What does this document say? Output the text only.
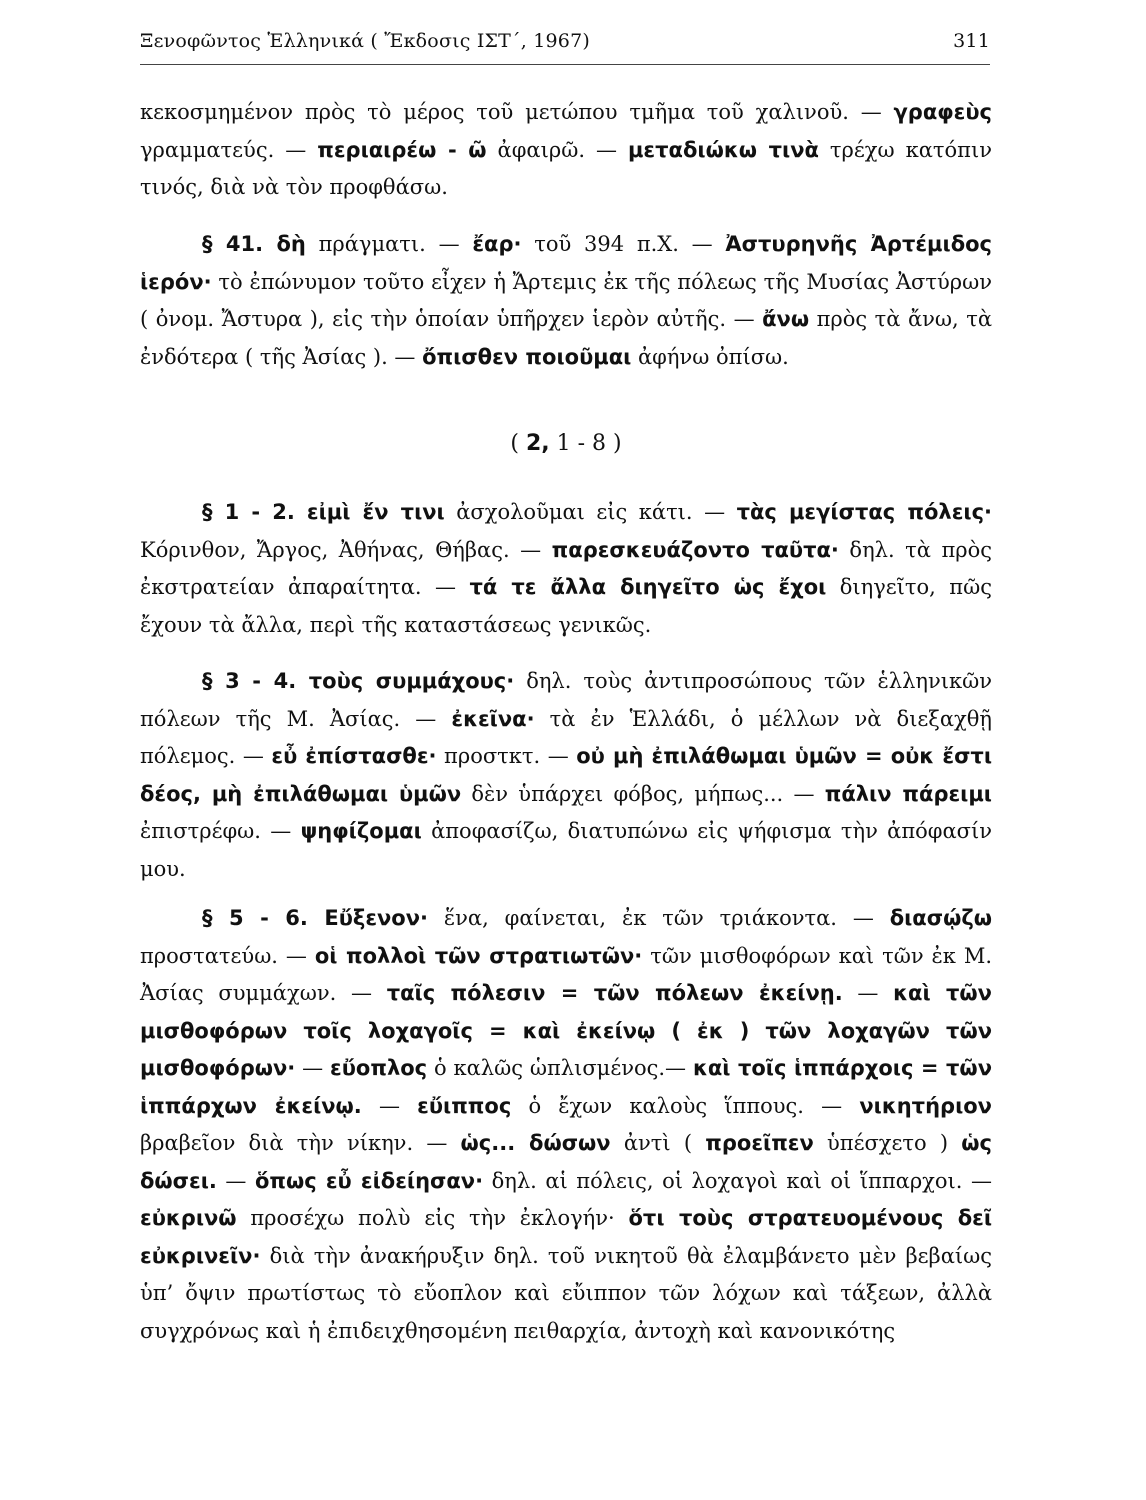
Ξενοφῶντος Ἑλληνικά ( Ἔκδοσις ΙΣΤ΄, 1967)	311

κεκοσμημένον πρὸς τὸ μέρος τοῦ μετώπου τμῆμα τοῦ χαλινοῦ. — γραφεὺς γραμματεύς. — περιαιρέω - ῶ ἀφαιρῶ. — μεταδιώκω τινὰ τρέχω κατόπιν τινός, διὰ νὰ τὸν προφθάσω.

§ 41. δὴ πράγματι. — ἔαρ· τοῦ 394 π.Χ. — Ἀστυρηνῆς Ἀρτέμιδος ἱερόν· τὸ ἐπώνυμον τοῦτο εἶχεν ἡ Ἄρτεμις ἐκ τῆς πόλεως τῆς Μυσίας Ἀστύρων ( ὀνομ. Ἄστυρα ), εἰς τὴν ὁποίαν ὑπῆρχεν ἱερὸν αὐτῆς. — ἄνω πρὸς τὰ ἄνω, τὰ ἐνδότερα ( τῆς Ἀσίας ). — ὄπισθεν ποιοῦμαι ἀφήνω ὀπίσω.

( 2, 1 - 8 )

§ 1 - 2. εἰμὶ ἔν τινι ἀσχολοῦμαι εἰς κάτι. — τὰς μεγίστας πόλεις· Κόρινθον, Ἄργος, Ἀθήνας, Θήβας. — παρεσκευάζοντο ταῦτα· δηλ. τὰ πρὸς ἐκστρατείαν ἀπαραίτητα. — τά τε ἄλλα διηγεῖτο ὡς ἔχοι διηγεῖτο, πῶς ἔχουν τὰ ἄλλα, περὶ τῆς καταστάσεως γενικῶς.

§ 3 - 4. τοὺς συμμάχους· δηλ. τοὺς ἀντιπροσώπους τῶν ἑλληνικῶν πόλεων τῆς Μ. Ἀσίας. — ἐκεῖνα· τὰ ἐν Ἑλλάδι, ὁ μέλλων νὰ διεξαχθῇ πόλεμος. — εὖ ἐπίστασθε· προστκτ. — οὐ μὴ ἐπιλάθωμαι ὑμῶν = οὐκ ἔστι δέος, μὴ ἐπιλάθωμαι ὑμῶν δὲν ὑπάρχει φόβος, μήπως... — πάλιν πάρειμι ἐπιστρέφω. — ψηφίζομαι ἀποφασίζω, διατυπώνω εἰς ψήφισμα τὴν ἀπόφασίν μου.

§ 5 - 6. Εὔξενον· ἕνα, φαίνεται, ἐκ τῶν τριάκοντα. — διασῴζω προστατεύω. — οἱ πολλοὶ τῶν στρατιωτῶν· τῶν μισθοφόρων καὶ τῶν ἐκ Μ. Ἀσίας συμμάχων. — ταῖς πόλεσιν = τῶν πόλεων ἐκείνῃ. — καὶ τῶν μισθοφόρων τοῖς λοχαγοῖς = καὶ ἐκείνῳ ( ἐκ ) τῶν λοχαγῶν τῶν μισθοφόρων· — εὔοπλος ὁ καλῶς ὡπλισμένος.— καὶ τοῖς ἱππάρχοις = τῶν ἱππάρχων ἐκείνῳ. — εὔιππος ὁ ἔχων καλοὺς ἵππους. — νικητήριον βραβεῖον διὰ τὴν νίκην. — ὡς... δώσων ἀντὶ ( προεῖπεν ὑπέσχετο ) ὡς δώσει. — ὅπως εὖ εἰδείησαν· δηλ. αἱ πόλεις, οἱ λοχαγοὶ καὶ οἱ ἵππαρχοι. — εὐκρινῶ προσέχω πολὺ εἰς τὴν ἐκλογήν· ὅτι τοὺς στρατευομένους δεῖ εὐκρινεῖν· διὰ τὴν ἀνακήρυξιν δηλ. τοῦ νικητοῦ θὰ ἐλαμβάνετο μὲν βεβαίως ὑπ’ ὄψιν πρωτίστως τὸ εὔοπλον καὶ εὔιππον τῶν λόχων καὶ τάξεων, ἀλλὰ συγχρόνως καὶ ἡ ἐπιδειχθησομένη πειθαρχία, ἀντοχὴ καὶ κανονικότης
